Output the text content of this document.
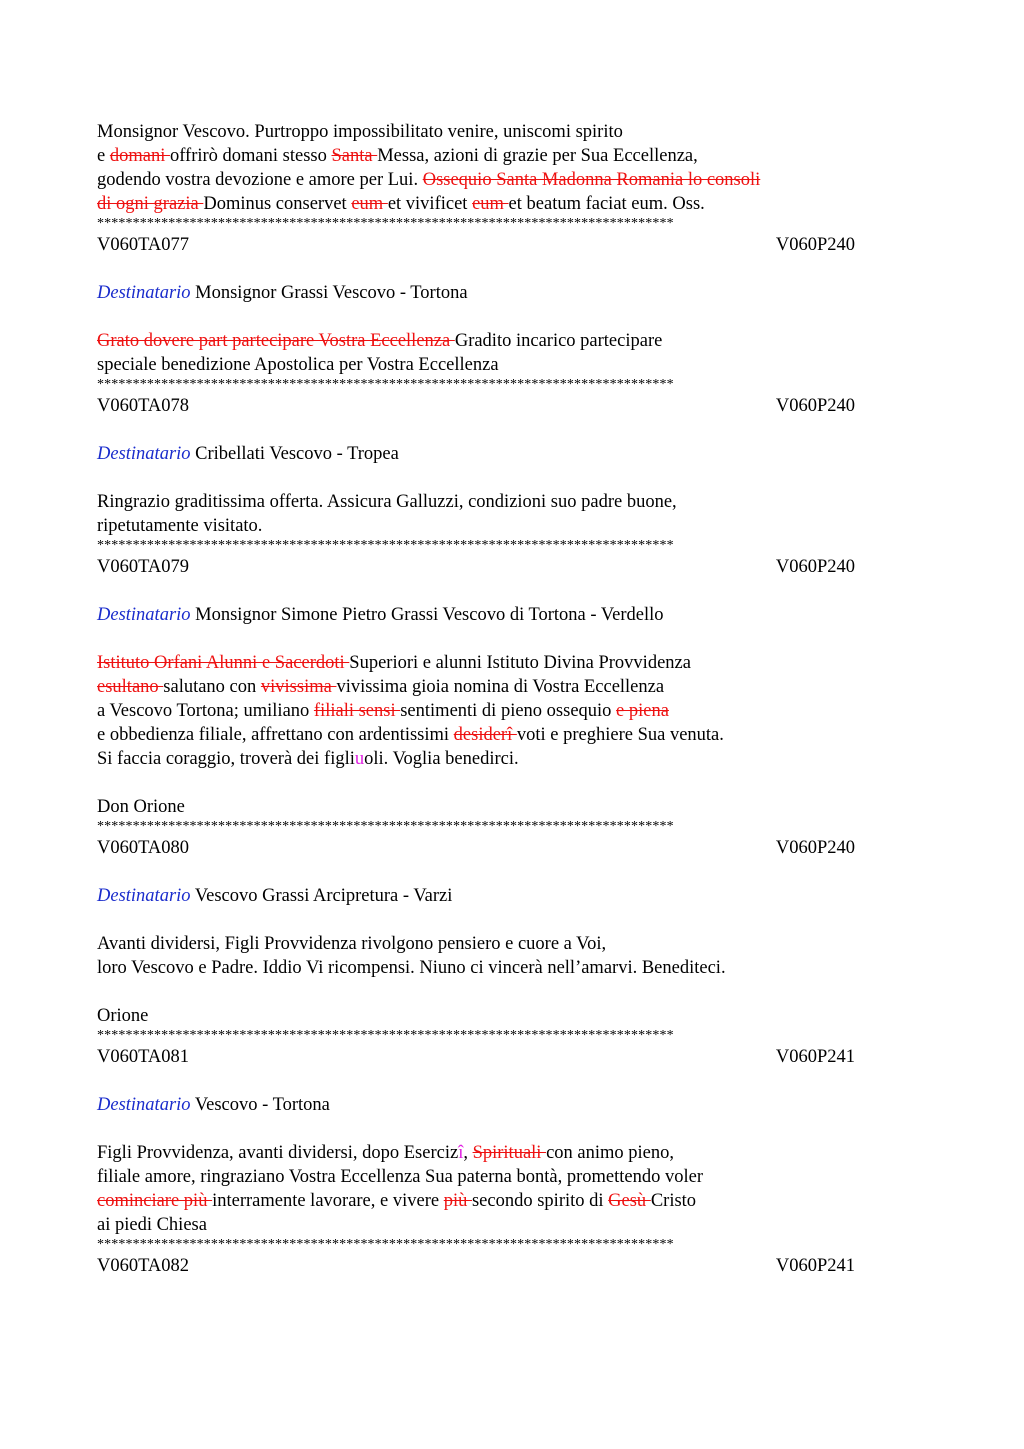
Monsignor Vescovo. Purtroppo impossibilitato venire, uniscomi spirito
e domani offrirò domani stesso Santa Messa, azioni di grazie per Sua Eccellenza,
godendo vostra devozione e amore per Lui. Ossequio Santa Madonna Romania lo consoli
di ogni grazia Dominus conservet eum et vivificet eum et beatum faciat eum. Oss.
*********************************************************************************
V060TA077	V060P240
Destinatario Monsignor Grassi Vescovo - Tortona
Grato dovere part partecipare Vostra Eccellenza Gradito incarico partecipare
speciale benedizione Apostolica per Vostra Eccellenza
*********************************************************************************
V060TA078	V060P240
Destinatario Cribellati Vescovo - Tropea
Ringrazio graditissima offerta. Assicura Galluzzi, condizioni suo padre buone,
ripetutamente visitato.
*********************************************************************************
V060TA079	V060P240
Destinatario Monsignor Simone Pietro Grassi Vescovo di Tortona - Verdello
Istituto Orfani Alunni e Sacerdoti Superiori e alunni Istituto Divina Provvidenza
esultano salutano con vivissima vivissima gioia nomina di Vostra Eccellenza
a Vescovo Tortona; umiliano filiali sensi sentimenti di pieno ossequio e piena
e obbedienza filiale, affrettano con ardentissimi desiderî voti e preghiere Sua venuta.
Si faccia coraggio, troverà dei figliuoli. Voglia benedirci.
Don Orione
*********************************************************************************
V060TA080	V060P240
Destinatario Vescovo Grassi Arcipretura - Varzi
Avanti dividersi, Figli Provvidenza rivolgono pensiero e cuore a Voi,
loro Vescovo e Padre. Iddio Vi ricompensi. Niuno ci vincerà nell’amarvi. Benediteci.
Orione
*********************************************************************************
V060TA081	V060P241
Destinatario Vescovo - Tortona
Figli Provvidenza, avanti dividersi, dopo Esercizî, Spirituali con animo pieno,
filiale amore, ringraziano Vostra Eccellenza Sua paterna bontà, promettendo voler
cominciare più interramente lavorare, e vivere più secondo spirito di Gesù Cristo
ai piedi Chiesa
*********************************************************************************
V060TA082	V060P241
